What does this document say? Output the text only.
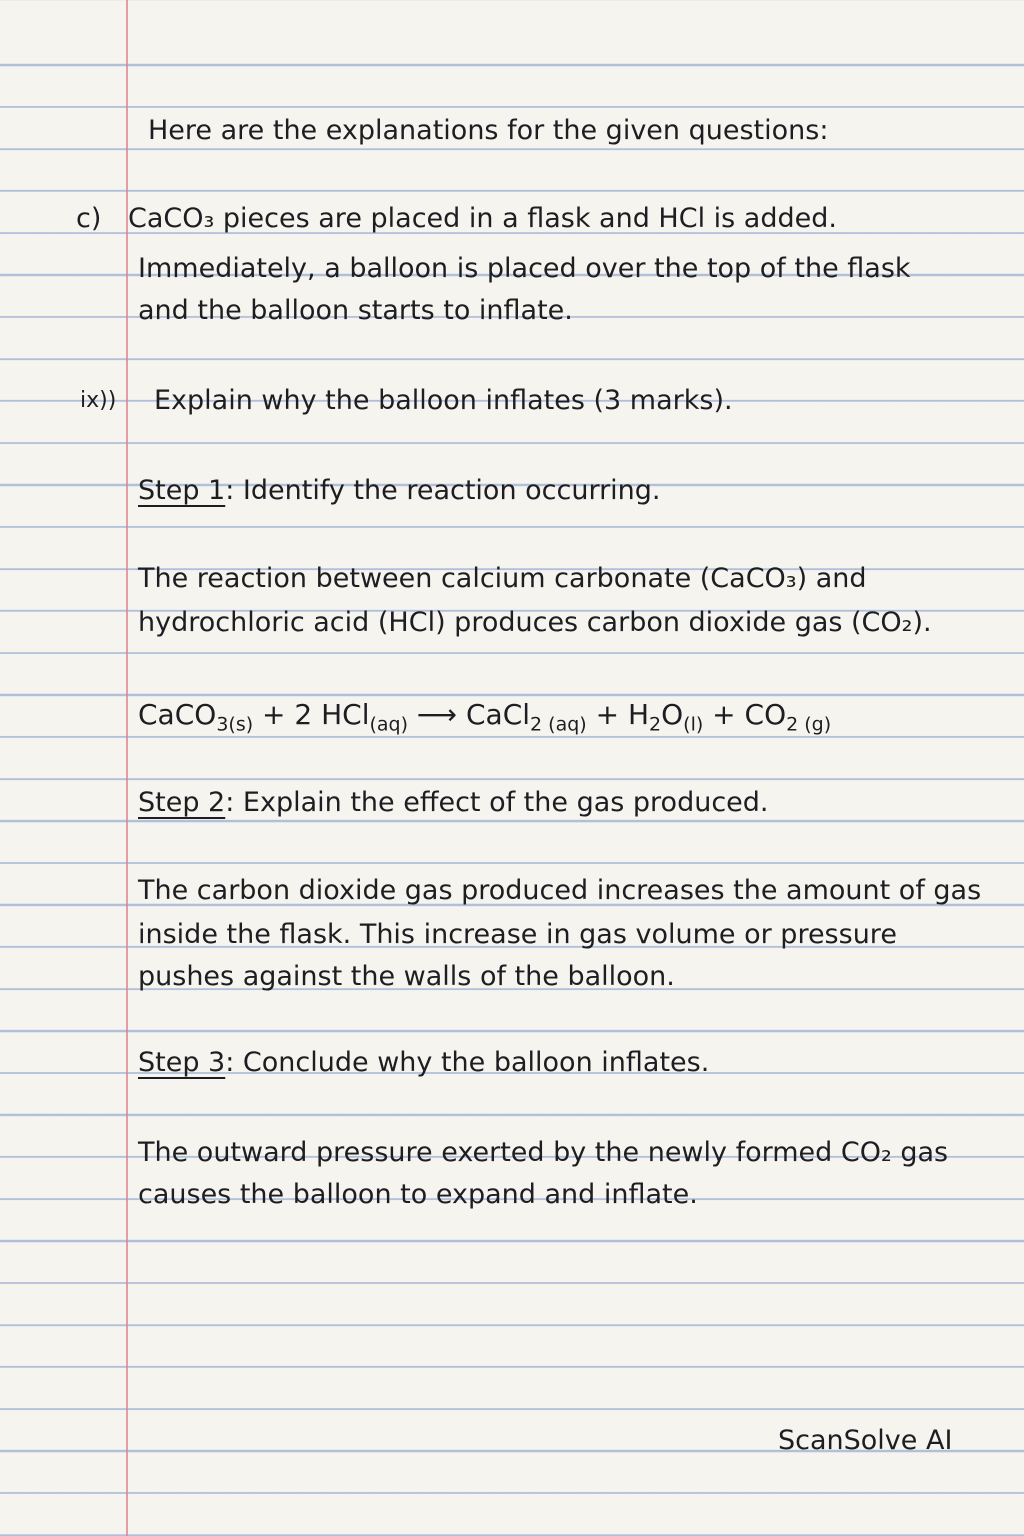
Here are the explanations for the given questions:
c) CaCO₃ pieces are placed in a flask and HCl is added.
Immediately, a balloon is placed over the top of the flask
and the balloon starts to inflate.
ix)) Explain why the balloon inflates (3 marks).
Step 1: Identify the reaction occurring.
The reaction between calcium carbonate (CaCO₃) and
hydrochloric acid (HCl) produces carbon dioxide gas (CO₂).
CaCO$_{3(s)}$ + 2 HCl$_{(aq)}$ ⟶ CaCl$_{2 (aq)}$ + $H_2O_{(l)} + CO_{2 (g)}$
Step 2: Explain the effect of the gas produced.
The carbon dioxide gas produced increases the amount of gas
inside the flask. This increase in gas volume or pressure
pushes against the walls of the balloon.
Step 3: Conclude why the balloon inflates.
The outward pressure exerted by the newly formed CO₂ gas
causes the balloon to expand and inflate.
ScanSolve AI
